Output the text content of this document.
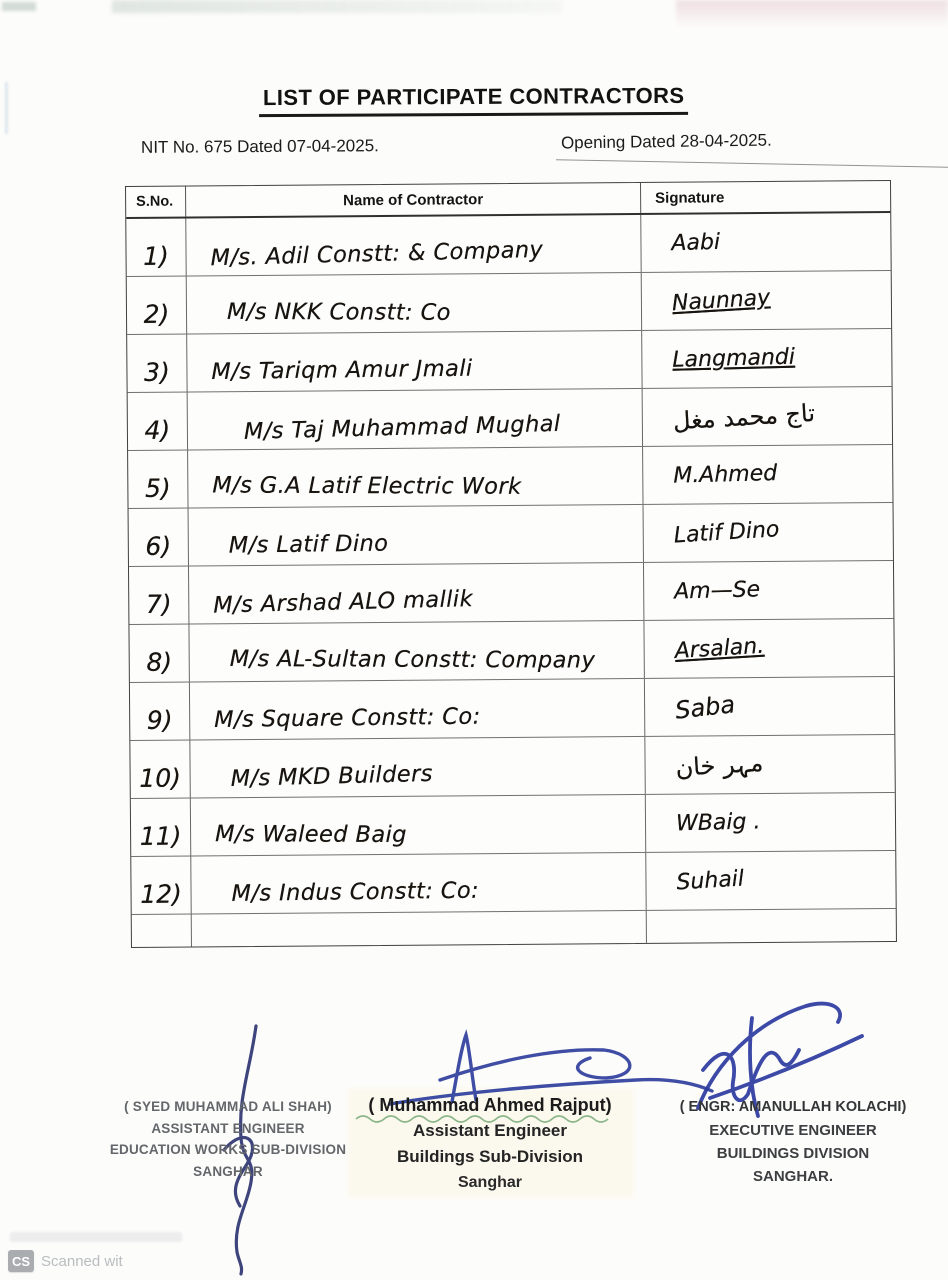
LIST OF PARTICIPATE CONTRACTORS
NIT No. 675 Dated 07-04-2025.	Opening Dated 28-04-2025.
S.No.	Name of Contractor	Signature
1) M/s. Adil Constt: & Company	Aabi
2)	M/s NKK Constt: Co	Naunnay
3) M/s Tariqm Amur Jmali	Langmandi
4)	M/s Taj Muhammad Mughal	تاج محمد مغل
5) M/s G.A Latif Electric Work	M.Ahmed
6)	M/s Latif Dino	Latif Dino
7) M/s Arshad ALO mallik	Am—Se
8)	M/s AL-Sultan Constt: Company	Arsalan.
9) M/s Square Constt: Co:	Saba
10) M/s MKD Builders	مہر خان
11) M/s Waleed Baig	WBaig .
12) M/s Indus Constt: Co:	Suhail
( SYED MUHAMMAD ALI SHAH)
ASSISTANT ENGINEER
EDUCATION WORKS SUB-DIVISION
SANGHAR
( Muhammad Ahmed Rajput)
Assistant Engineer
Buildings Sub-Division
Sanghar
( ENGR: AMANULLAH KOLACHI)
EXECUTIVE ENGINEER
BUILDINGS DIVISION
SANGHAR.
CS Scanned wit
